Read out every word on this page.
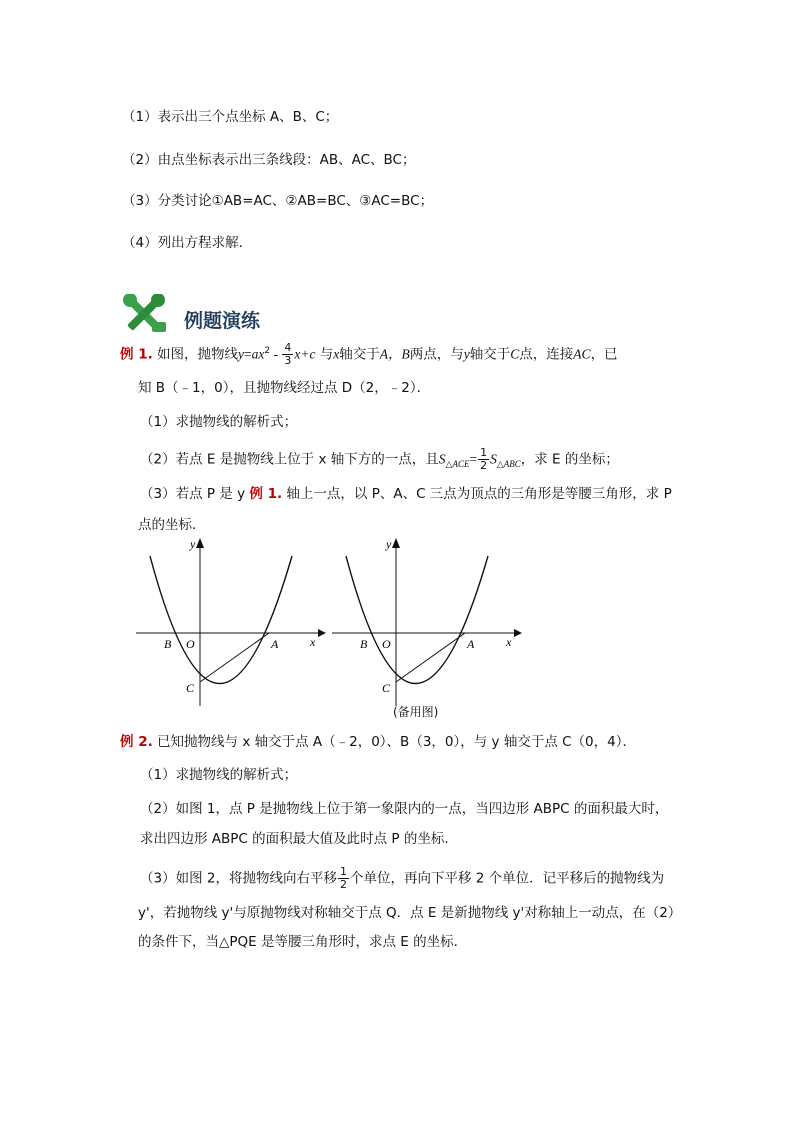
（1）表示出三个点坐标 A、B、C；
（2）由点坐标表示出三条线段：AB、AC、BC；
（3）分类讨论①AB=AC、②AB=BC、③AC=BC；
（4）列出方程求解．
例题演练
例 1. 如图，抛物线$y=ax^2 - \frac{4}{3} x+c$ 与x轴交于A，B两点，与y轴交于C点，连接AC，已
知 B（﹣1，0），且抛物线经过点 D（2，﹣2）．
（1）求抛物线的解析式；
（2）若点 E 是抛物线上位于 x 轴下方的一点，且$S_{\triangle ACE}= \frac{1}{2} S_{\triangle ABC}$，求 E 的坐标；
（3）若点 P 是 y 例 1. 轴上一点，以 P、A、C 三点为顶点的三角形是等腰三角形，求 P
点的坐标．
y
x
B O	A
C
y
x
B O	A
C
(备用图)
例 2. 已知抛物线与 x 轴交于点 A（﹣2，0）、B（3，0），与 y 轴交于点 C（0，4）．
（1）求抛物线的解析式；
（2）如图 1，点 P 是抛物线上位于第一象限内的一点，当四边形 ABPC 的面积最大时，
求出四边形 ABPC 的面积最大值及此时点 P 的坐标．
（3）如图 2，将抛物线向右平移 $\frac{1}{2}$ 个单位，再向下平移 2 个单位．记平移后的抛物线为
y'，若抛物线 y'与原抛物线对称轴交于点 Q．点 E 是新抛物线 y'对称轴上一动点，在（2）
的条件下，当△PQE 是等腰三角形时，求点 E 的坐标．
